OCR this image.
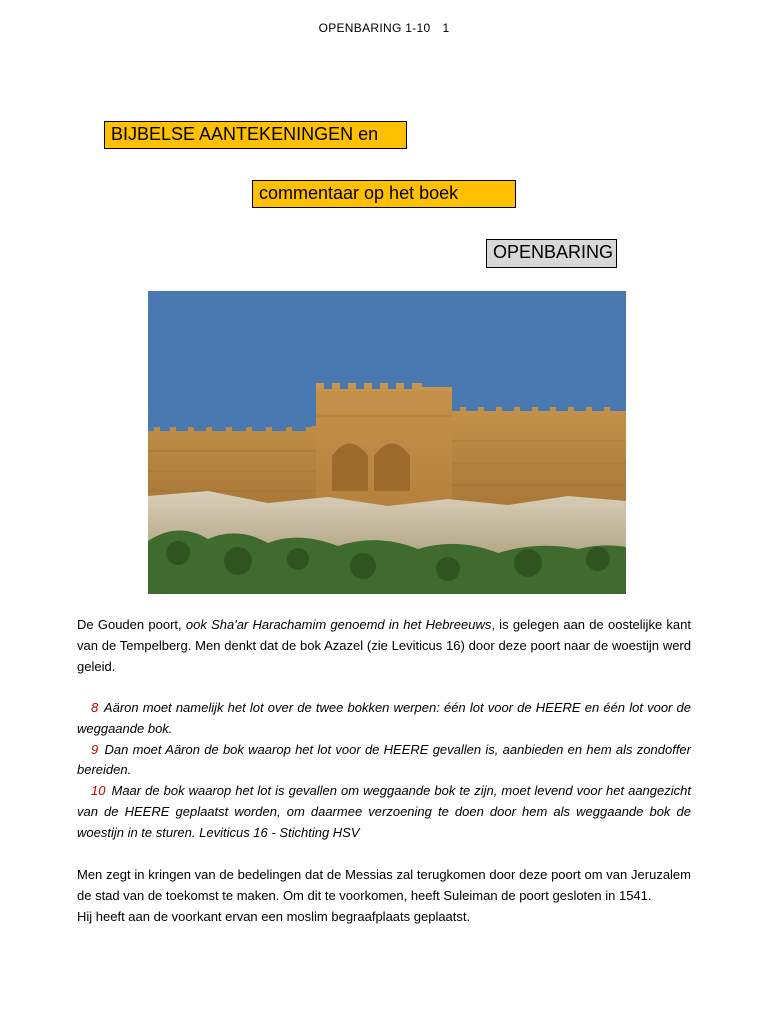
OPENBARING 1-10 1
BIJBELSE AANTEKENINGEN en
commentaar op het boek
OPENBARING
De Gouden poort, ook Sha'ar Harachamim genoemd in het Hebreeuws, is gelegen aan de oostelijke kant van de Tempelberg. Men denkt dat de bok Azazel (zie Leviticus 16) door deze poort naar de woestijn werd geleid.
8 Aäron moet namelijk het lot over de twee bokken werpen: één lot voor de HEERE en één lot voor de weggaande bok.
9 Dan moet Aäron de bok waarop het lot voor de HEERE gevallen is, aanbieden en hem als zondoffer bereiden.
10 Maar de bok waarop het lot is gevallen om weggaande bok te zijn, moet levend voor het aangezicht van de HEERE geplaatst worden, om daarmee verzoening te doen door hem als weggaande bok de woestijn in te sturen. Leviticus 16 - Stichting HSV
Men zegt in kringen van de bedelingen dat de Messias zal terugkomen door deze poort om van Jeruzalem de stad van de toekomst te maken. Om dit te voorkomen, heeft Suleiman de poort gesloten in 1541.
Hij heeft aan de voorkant ervan een moslim begraafplaats geplaatst.
